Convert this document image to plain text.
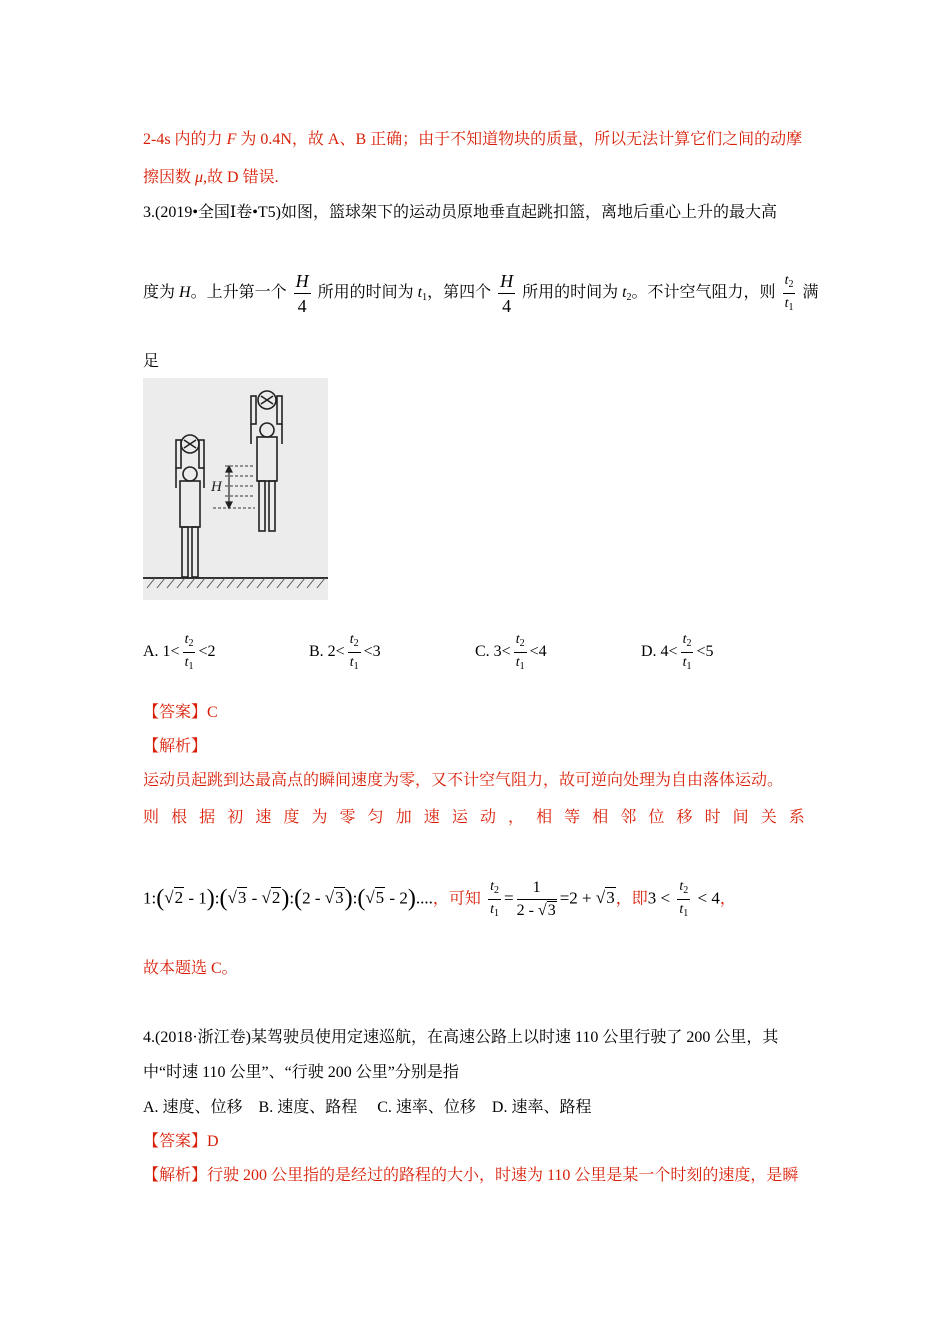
2-4s 内的力 F 为 0.4N，故 A、B 正确；由于不知道物块的质量，所以无法计算它们之间的动摩
擦因数 μ,故 D 错误.
3.(2019•全国Ⅰ卷•T5)如图，篮球架下的运动员原地垂直起跳扣篮，离地后重心上升的最大高
度为 H。上升第一个 $\frac{H}{4}$ 所用的时间为 $t_1$，第四个 $\frac{H}{4}$ 所用的时间为 $t_2$。不计空气阻力，则 $\frac{t_2}{t_1}$ 满
足
H
A. $1< \frac{t_2}{t_1} <2$	B. $2< \frac{t_2}{t_1} <3$	C. $3< \frac{t_2}{t_1} <4$	D. $4< \frac{t_2}{t_1} <5$
【答案】C
【解析】
运动员起跳到达最高点的瞬间速度为零，又不计空气阻力，故可逆向处理为自由落体运动。
则 根 据 初 速 度 为 零 匀 加 速 运 动 ， 相 等 相 邻 位 移 时 间 关 系
1:(√2 - 1):(√3 - √2):(2 - √3):(√5 - 2)....，可知 $\frac{t_2}{t_1} = \frac{1}{2 - √3} =2 + √3$，即$3 < \frac{t_2}{t_1} < 4$，
故本题选 C。
4.(2018·浙江卷)某驾驶员使用定速巡航，在高速公路上以时速 110 公里行驶了 200 公里，其
中“时速 110 公里”、“行驶 200 公里”分别是指
A. 速度、位移　B. 速度、路程　 C. 速率、位移　D. 速率、路程
【答案】D
【解析】行驶 200 公里指的是经过的路程的大小，时速为 110 公里是某一个时刻的速度，是瞬
